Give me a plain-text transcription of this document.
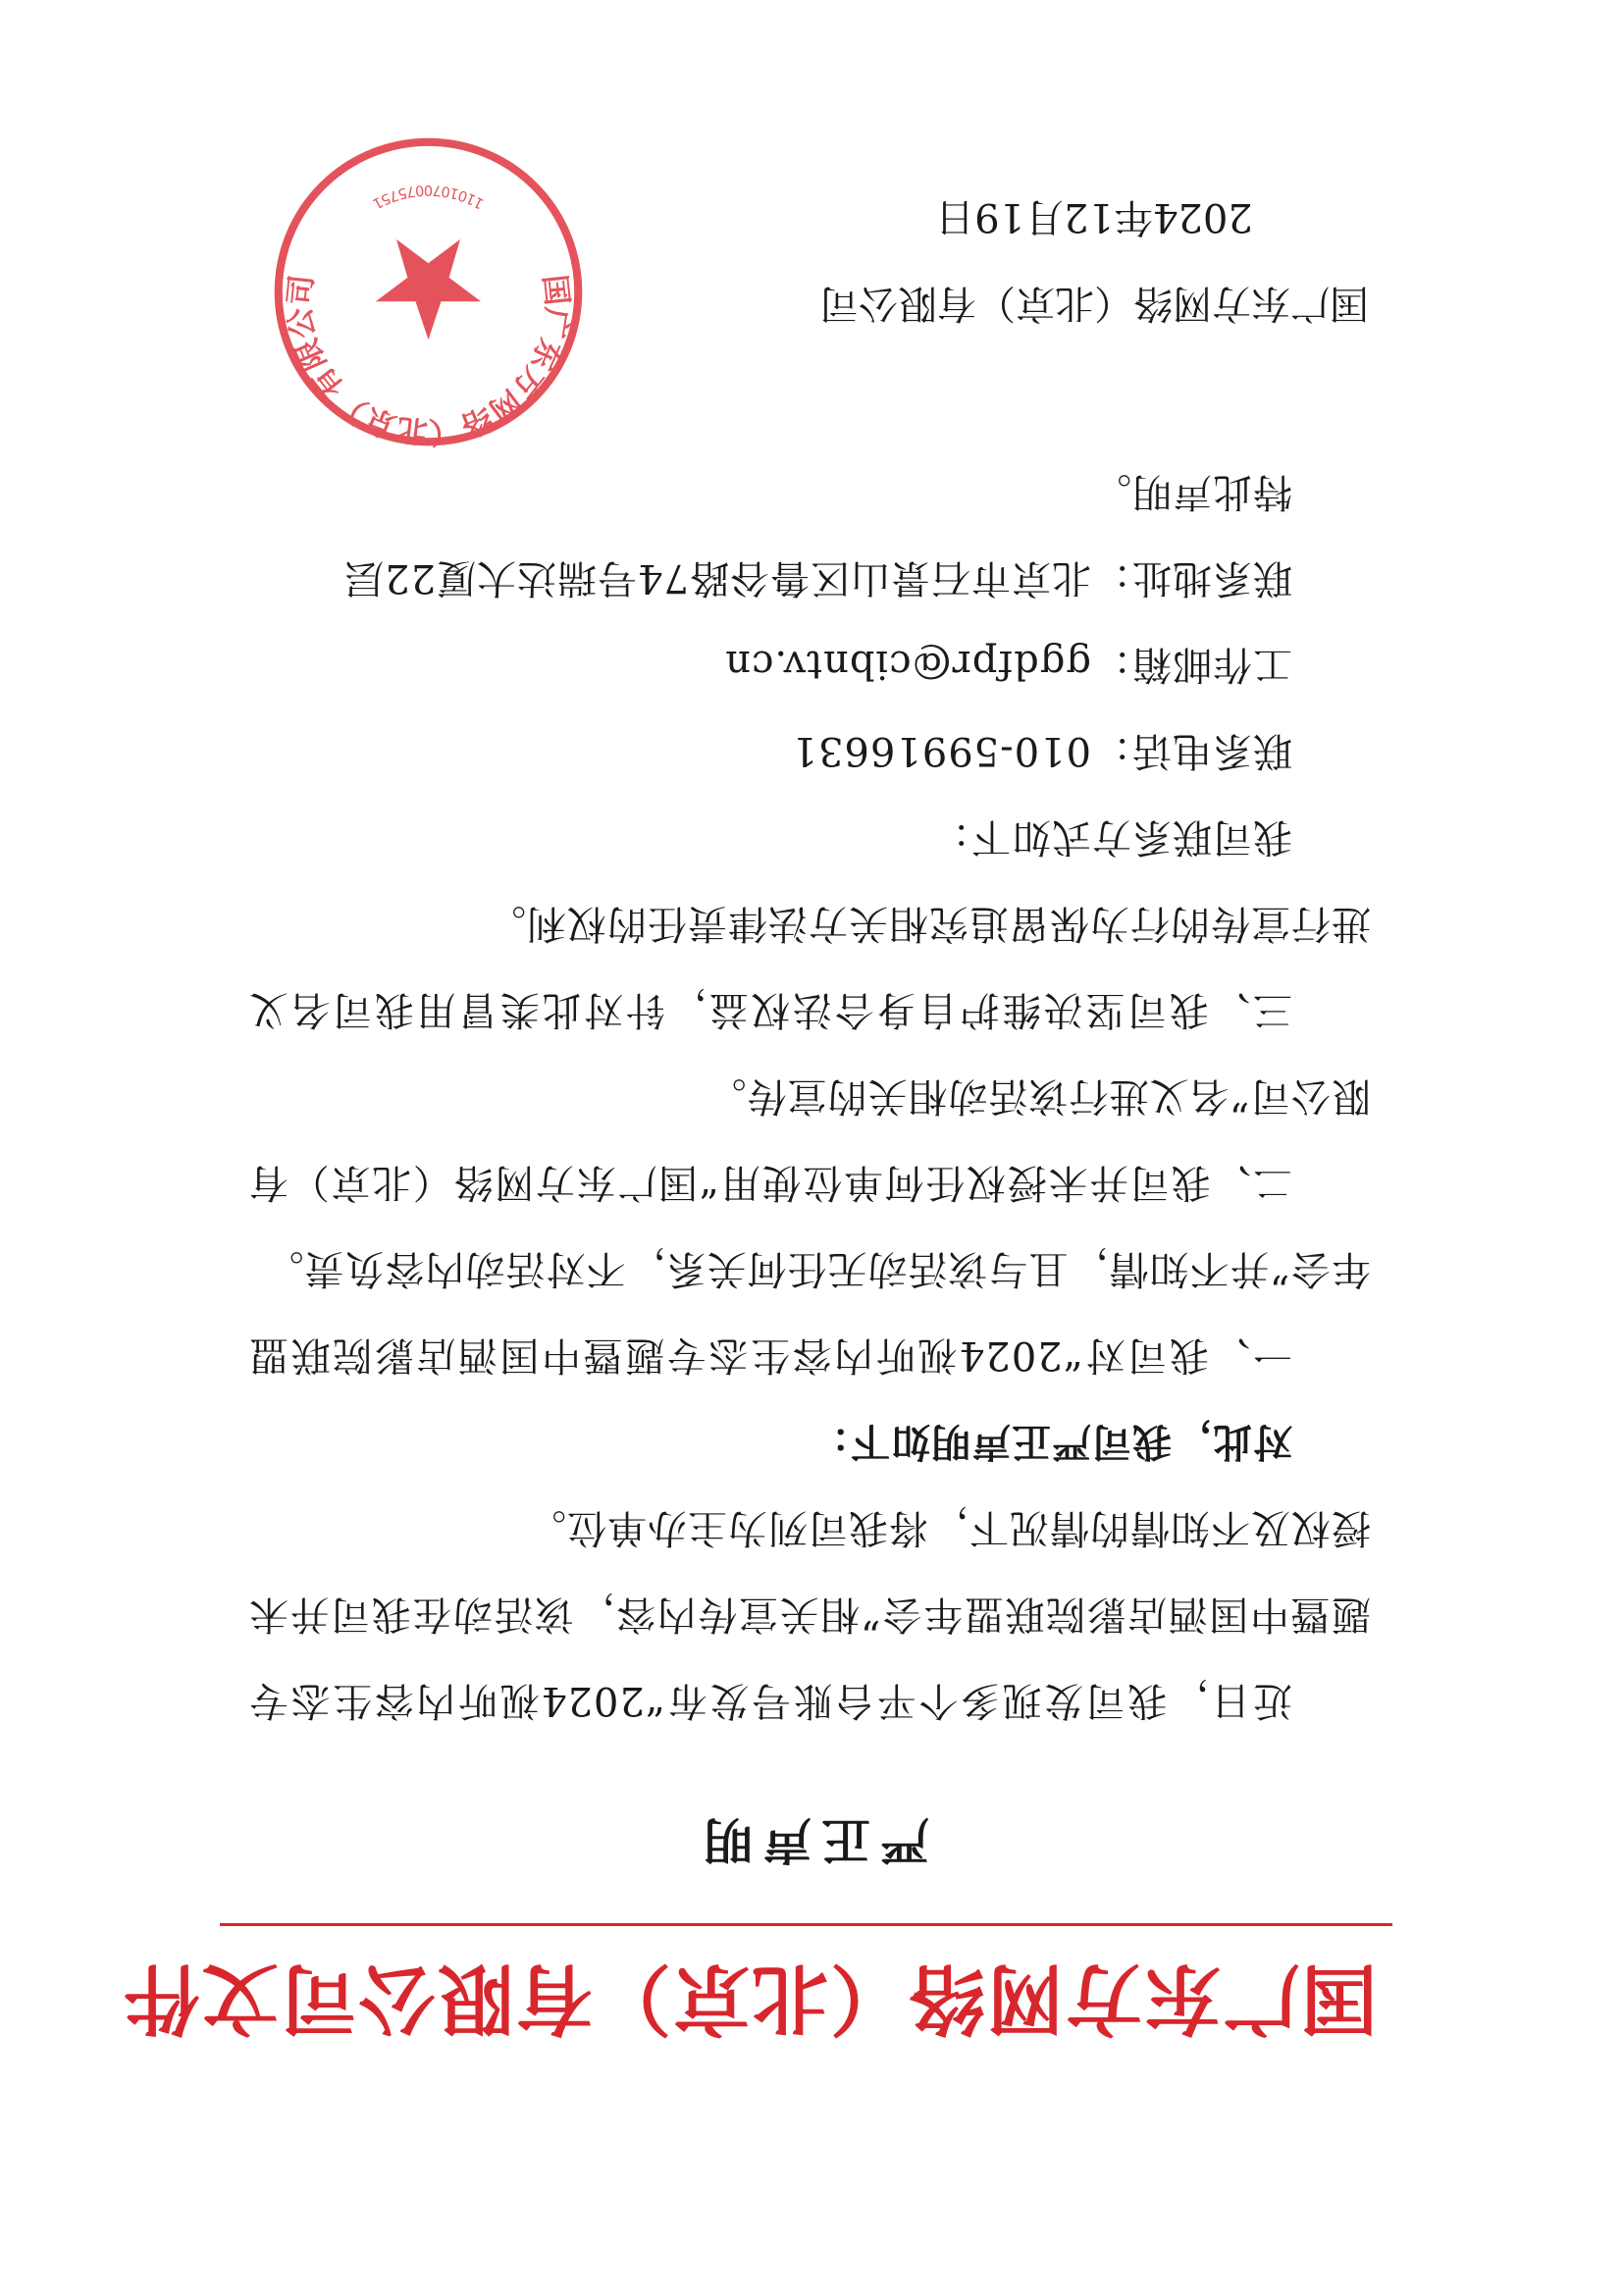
国广东方网络（北京）有限公司文件
严正声明

近日，我司发现多个平台账号发布“2024视听内容生态专题暨中国酒店影院联盟年会”相关宣传内容，该活动在我司并未授权及不知情的情况下，将我司列为主办单位。

对此，我司严正声明如下：

一、我司对“2024视听内容生态专题暨中国酒店影院联盟年会”并不知情，且与该活动无任何关系，不对活动内容负责。

二、我司并未授权任何单位使用“国广东方网络（北京）有限公司”名义进行该活动相关的宣传。

三、我司坚决维护自身合法权益，针对此类冒用我司名义进行宣传的行为保留追究相关方法律责任的权利。

我司联系方式如下：

联系电话：010-59916631
工作邮箱：ggdfpr@cibntv.cn
联系地址：北京市石景山区鲁谷路74号瑞达大厦22层

特此声明。

国广东方网络（北京）有限公司
1101070075751
国广东方网络（北京）有限公司
2024年12月19日
